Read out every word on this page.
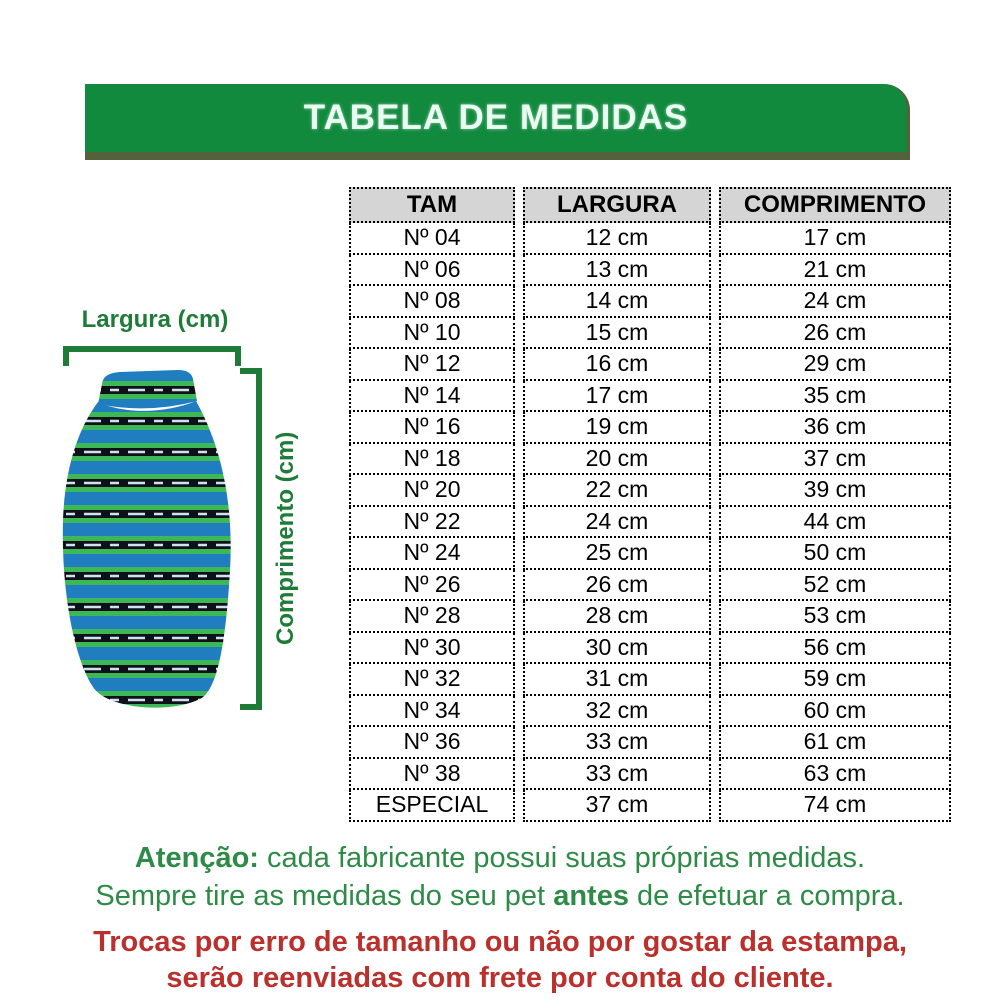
TABELA DE MEDIDAS
Largura (cm)
Comprimento (cm)
TAM	LARGURA	COMPRIMENTO
Nº 04	12 cm	17 cm
Nº 06	13 cm	21 cm
Nº 08	14 cm	24 cm
Nº 10	15 cm	26 cm
Nº 12	16 cm	29 cm
Nº 14	17 cm	35 cm
Nº 16	19 cm	36 cm
Nº 18	20 cm	37 cm
Nº 20	22 cm	39 cm
Nº 22	24 cm	44 cm
Nº 24	25 cm	50 cm
Nº 26	26 cm	52 cm
Nº 28	28 cm	53 cm
Nº 30	30 cm	56 cm
Nº 32	31 cm	59 cm
Nº 34	32 cm	60 cm
Nº 36	33 cm	61 cm
Nº 38	33 cm	63 cm
ESPECIAL	37 cm	74 cm
Atenção: cada fabricante possui suas próprias medidas.
Sempre tire as medidas do seu pet antes de efetuar a compra.
Trocas por erro de tamanho ou não por gostar da estampa,
serão reenviadas com frete por conta do cliente.
